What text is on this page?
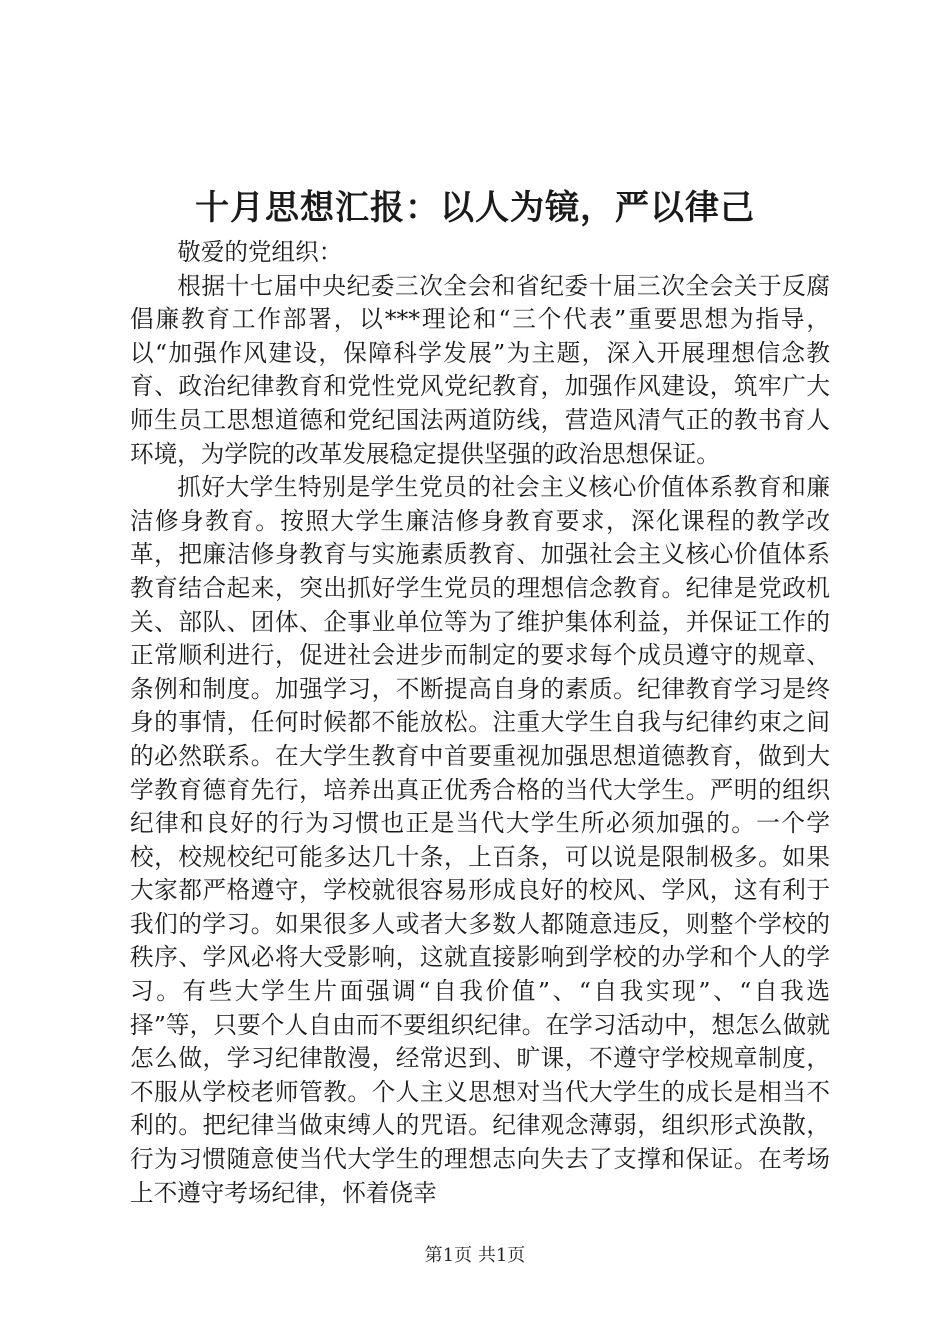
十月思想汇报：以人为镜，严以律己

敬爱的党组织：

根据十七届中央纪委三次全会和省纪委十届三次全会关于反腐倡廉教育工作部署，以***理论和“三个代表”重要思想为指导，以“加强作风建设，保障科学发展”为主题，深入开展理想信念教育、政治纪律教育和党性党风党纪教育，加强作风建设，筑牢广大师生员工思想道德和党纪国法两道防线，营造风清气正的教书育人环境，为学院的改革发展稳定提供坚强的政治思想保证。

抓好大学生特别是学生党员的社会主义核心价值体系教育和廉洁修身教育。按照大学生廉洁修身教育要求，深化课程的教学改革，把廉洁修身教育与实施素质教育、加强社会主义核心价值体系教育结合起来，突出抓好学生党员的理想信念教育。纪律是党政机关、部队、团体、企事业单位等为了维护集体利益，并保证工作的正常顺利进行，促进社会进步而制定的要求每个成员遵守的规章、条例和制度。加强学习，不断提高自身的素质。纪律教育学习是终身的事情，任何时候都不能放松。注重大学生自我与纪律约束之间的必然联系。在大学生教育中首要重视加强思想道德教育，做到大学教育德育先行，培养出真正优秀合格的当代大学生。严明的组织纪律和良好的行为习惯也正是当代大学生所必须加强的。一个学校，校规校纪可能多达几十条，上百条，可以说是限制极多。如果大家都严格遵守，学校就很容易形成良好的校风、学风，这有利于我们的学习。如果很多人或者大多数人都随意违反，则整个学校的秩序、学风必将大受影响，这就直接影响到学校的办学和个人的学习。有些大学生片面强调“自我价值”、“自我实现”、“自我选择”等，只要个人自由而不要组织纪律。在学习活动中，想怎么做就怎么做，学习纪律散漫，经常迟到、旷课，不遵守学校规章制度，不服从学校老师管教。个人主义思想对当代大学生的成长是相当不利的。把纪律当做束缚人的咒语。纪律观念薄弱，组织形式涣散，行为习惯随意使当代大学生的理想志向失去了支撑和保证。在考场上不遵守考场纪律，怀着侥幸

第1页 共1页
